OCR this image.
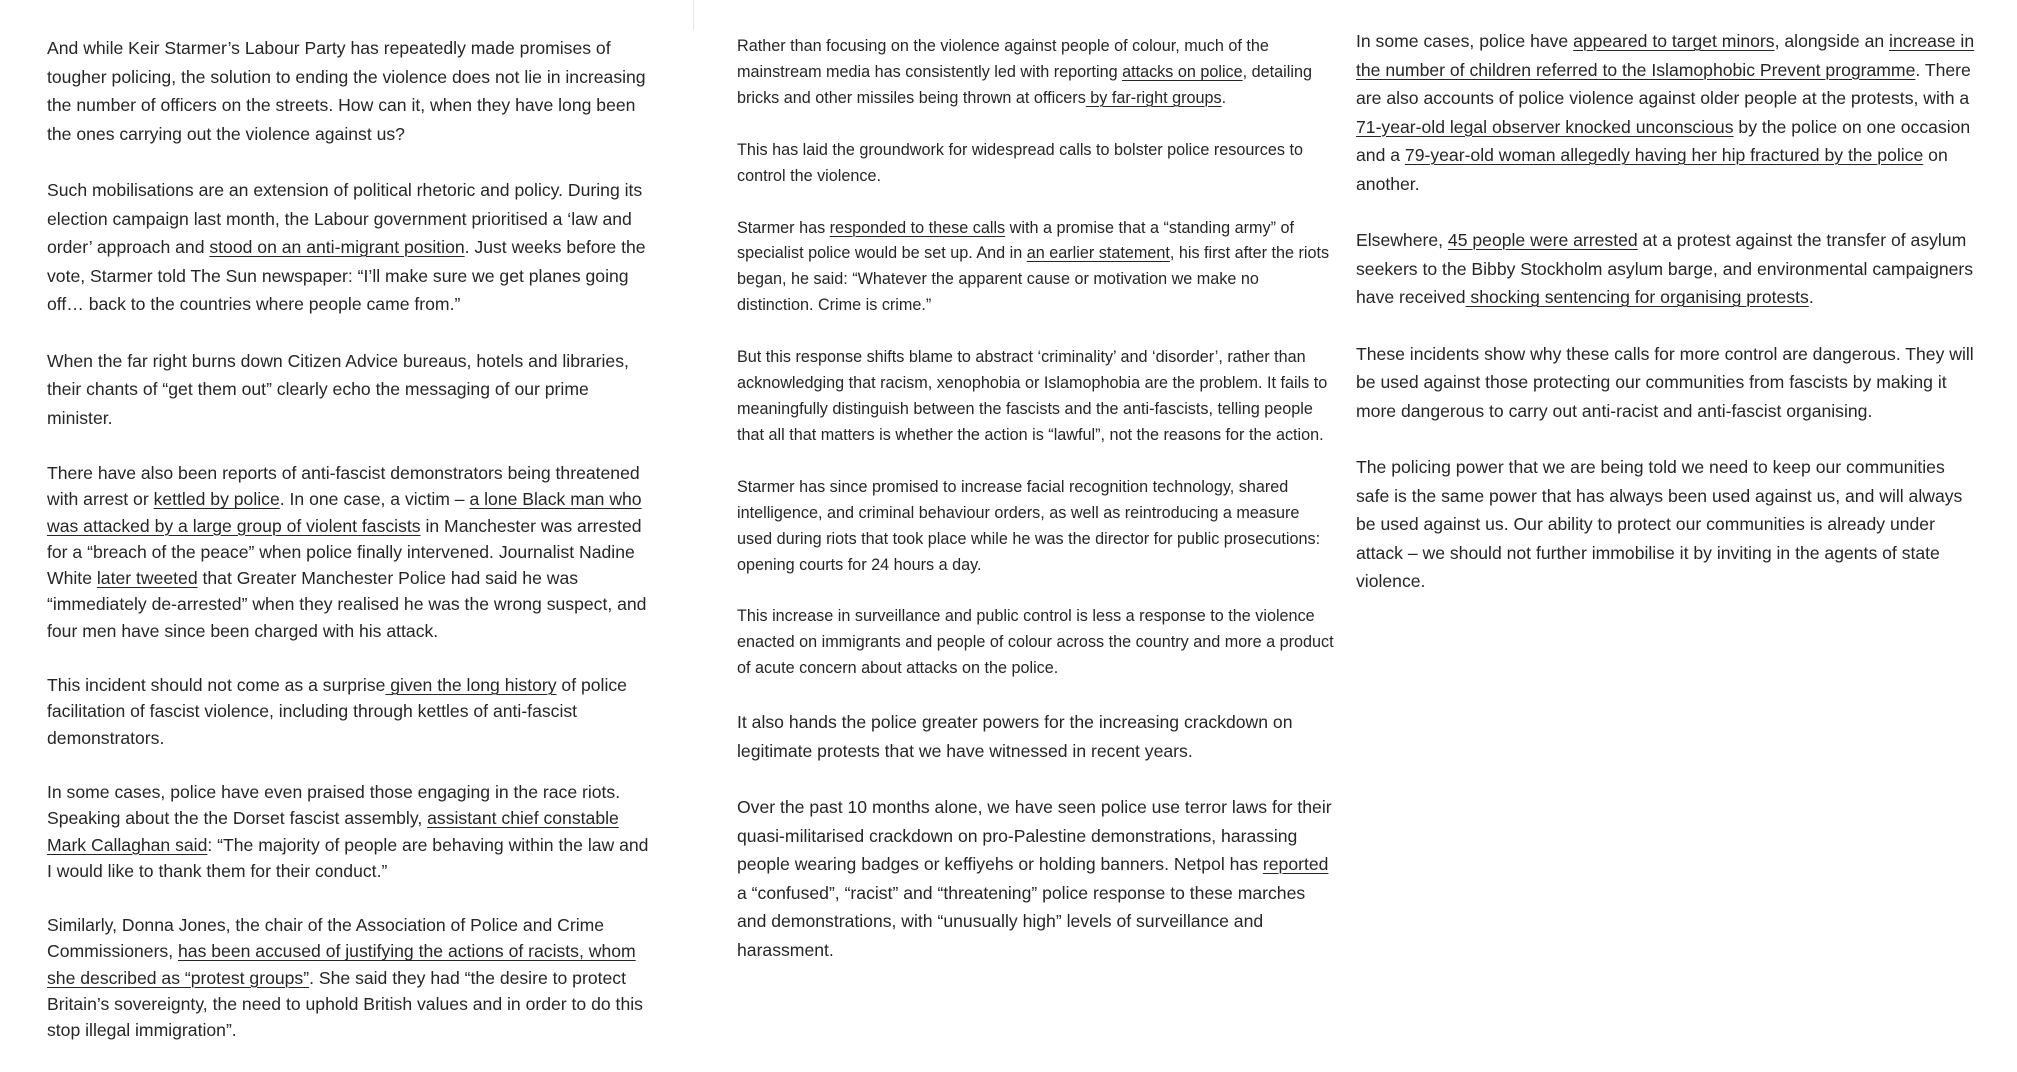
And while Keir Starmer’s Labour Party has repeatedly made promises of tougher policing, the solution to ending the violence does not lie in increasing the number of officers on the streets. How can it, when they have long been the ones carrying out the violence against us?

Such mobilisations are an extension of political rhetoric and policy. During its election campaign last month, the Labour government prioritised a ‘law and order’ approach and stood on an anti-migrant position. Just weeks before the vote, Starmer told The Sun newspaper: “I’ll make sure we get planes going off… back to the countries where people came from.”

When the far right burns down Citizen Advice bureaus, hotels and libraries, their chants of “get them out” clearly echo the messaging of our prime minister.

There have also been reports of anti-fascist demonstrators being threatened with arrest or kettled by police. In one case, a victim – a lone Black man who was attacked by a large group of violent fascists in Manchester was arrested for a “breach of the peace” when police finally intervened. Journalist Nadine White later tweeted that Greater Manchester Police had said he was “immediately de-arrested” when they realised he was the wrong suspect, and four men have since been charged with his attack.

This incident should not come as a surprise given the long history of police facilitation of fascist violence, including through kettles of anti-fascist demonstrators.

In some cases, police have even praised those engaging in the race riots. Speaking about the the Dorset fascist assembly, assistant chief constable Mark Callaghan said: “The majority of people are behaving within the law and I would like to thank them for their conduct.”

Similarly, Donna Jones, the chair of the Association of Police and Crime Commissioners, has been accused of justifying the actions of racists, whom she described as “protest groups”. She said they had “the desire to protect Britain’s sovereignty, the need to uphold British values and in order to do this stop illegal immigration”.

Rather than focusing on the violence against people of colour, much of the mainstream media has consistently led with reporting attacks on police, detailing bricks and other missiles being thrown at officers by far-right groups.

This has laid the groundwork for widespread calls to bolster police resources to control the violence.

Starmer has responded to these calls with a promise that a “standing army” of specialist police would be set up. And in an earlier statement, his first after the riots began, he said: “Whatever the apparent cause or motivation we make no distinction. Crime is crime.”

But this response shifts blame to abstract ‘criminality’ and ‘disorder’, rather than acknowledging that racism, xenophobia or Islamophobia are the problem. It fails to meaningfully distinguish between the fascists and the anti-fascists, telling people that all that matters is whether the action is “lawful”, not the reasons for the action.

Starmer has since promised to increase facial recognition technology, shared intelligence, and criminal behaviour orders, as well as reintroducing a measure used during riots that took place while he was the director for public prosecutions: opening courts for 24 hours a day.

This increase in surveillance and public control is less a response to the violence enacted on immigrants and people of colour across the country and more a product of acute concern about attacks on the police.

It also hands the police greater powers for the increasing crackdown on legitimate protests that we have witnessed in recent years.

Over the past 10 months alone, we have seen police use terror laws for their quasi-militarised crackdown on pro-Palestine demonstrations, harassing people wearing badges or keffiyehs or holding banners. Netpol has reported a “confused”, “racist” and “threatening” police response to these marches and demonstrations, with “unusually high” levels of surveillance and harassment.

In some cases, police have appeared to target minors, alongside an increase in the number of children referred to the Islamophobic Prevent programme. There are also accounts of police violence against older people at the protests, with a 71-year-old legal observer knocked unconscious by the police on one occasion and a 79-year-old woman allegedly having her hip fractured by the police on another.

Elsewhere, 45 people were arrested at a protest against the transfer of asylum seekers to the Bibby Stockholm asylum barge, and environmental campaigners have received shocking sentencing for organising protests.

These incidents show why these calls for more control are dangerous. They will be used against those protecting our communities from fascists by making it more dangerous to carry out anti-racist and anti-fascist organising.

The policing power that we are being told we need to keep our communities safe is the same power that has always been used against us, and will always be used against us. Our ability to protect our communities is already under attack – we should not further immobilise it by inviting in the agents of state violence.
